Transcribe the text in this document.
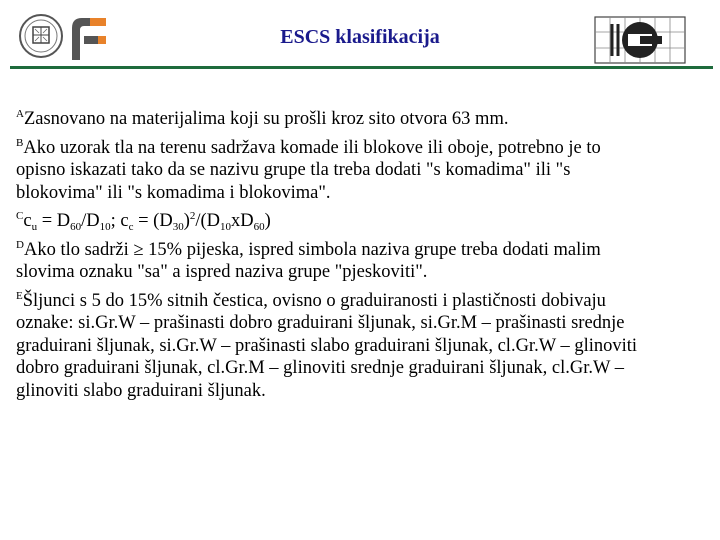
ESCS klasifikacija
$^A$Zasnovano na materijalima koji su prošli kroz sito otvora 63 mm.
$^B$Ako uzorak tla na terenu sadržava komade ili blokove ili oboje, potrebno je to
opisno iskazati tako da se nazivu grupe tla treba dodati "s komadima" ili "s
blokovima" ili "s komadima i blokovima".
$^Cc_u = D_{60}/D_{10}$; $c_c = (D_{30})^2/(D_{10}xD_{60})$
$^D$Ako tlo sadrži ≥ 15% pijeska, ispred simbola naziva grupe treba dodati malim
slovima oznaku "sa" a ispred naziva grupe "pjeskoviti".
$^E$Šljunci s 5 do 15% sitnih čestica, ovisno o graduiranosti i plastičnosti dobivaju
oznake: si.Gr.W – prašinasti dobro graduirani šljunak, si.Gr.M – prašinasti srednje
graduirani šljunak, si.Gr.W – prašinasti slabo graduirani šljunak, cl.Gr.W – glinoviti
dobro graduirani šljunak, cl.Gr.M – glinoviti srednje graduirani šljunak, cl.Gr.W –
glinoviti slabo graduirani šljunak.
